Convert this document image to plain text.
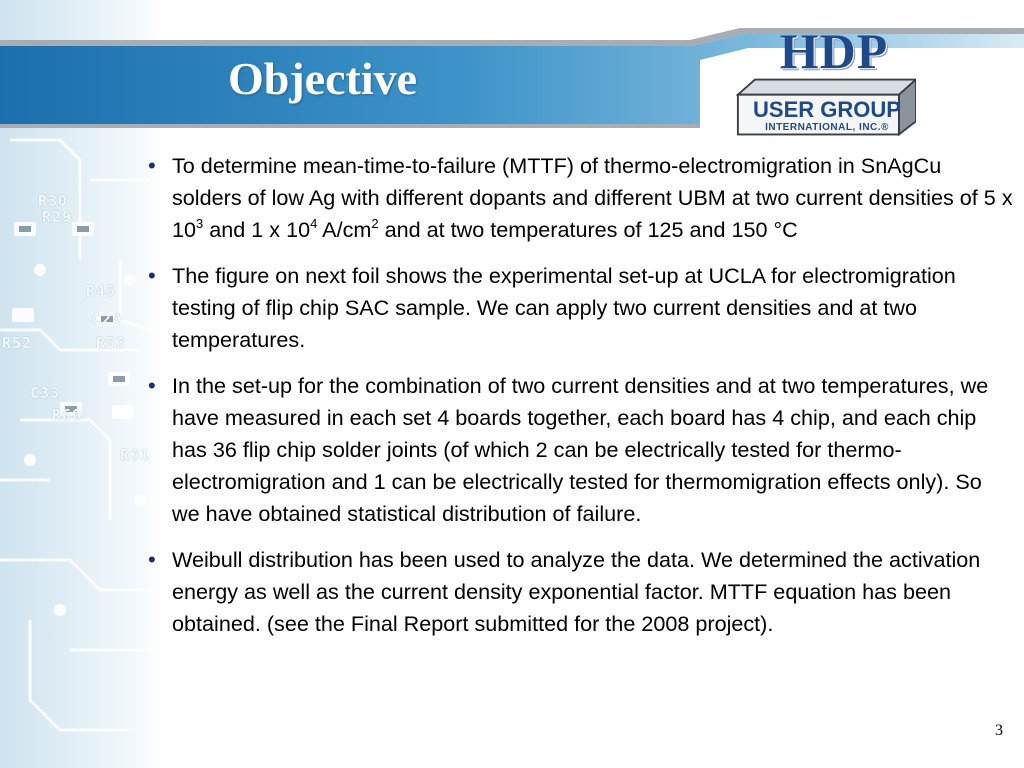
R30
R29
R45
C29
R52	R53
C33
R60
R61
Objective	HDP
USER GROUP
INTERNATIONAL, INC.®
• To determine mean-time-to-failure (MTTF) of thermo-electromigration in SnAgCu solders of low Ag with different dopants and different UBM at two current densities of 5 x $10^3$ and 1 x $10^4$ $A/cm^2$ and at two temperatures of 125 and 150 °C
• The figure on next foil shows the experimental set-up at UCLA for electromigration testing of flip chip SAC sample. We can apply two current densities and at two temperatures.
• In the set-up for the combination of two current densities and at two temperatures, we have measured in each set 4 boards together, each board has 4 chip, and each chip has 36 flip chip solder joints (of which 2 can be electrically tested for thermo-electromigration and 1 can be electrically tested for thermomigration effects only). So we have obtained statistical distribution of failure.
• Weibull distribution has been used to analyze the data. We determined the activation energy as well as the current density exponential factor. MTTF equation has been obtained. (see the Final Report submitted for the 2008 project).
3
